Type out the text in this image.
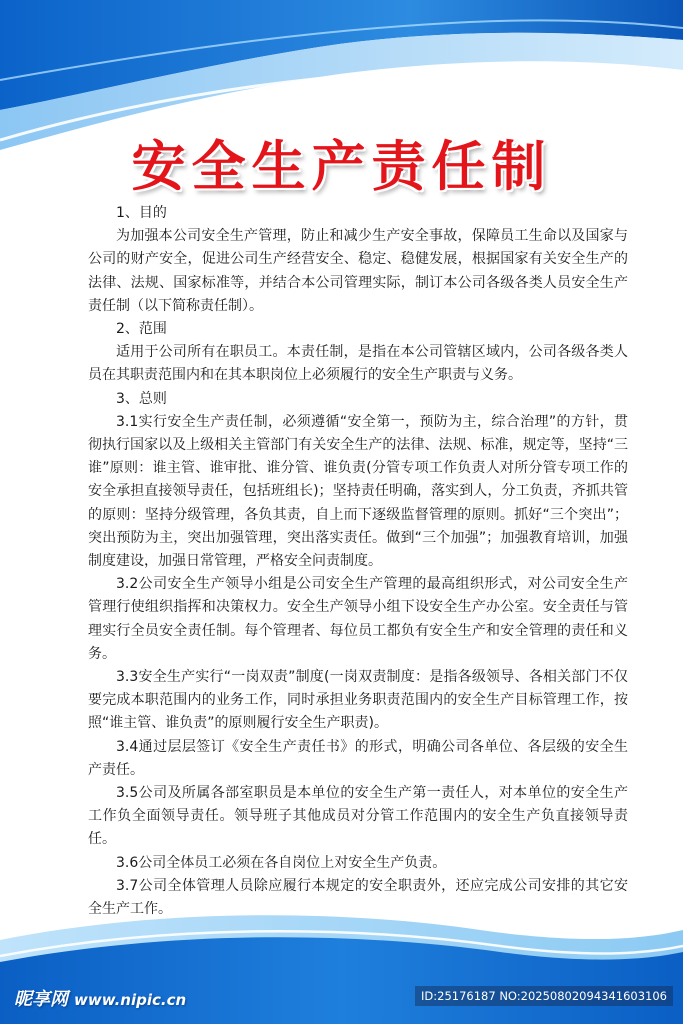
安全生产责任制

1、目的

为加强本公司安全生产管理，防止和减少生产安全事故，保障员工生命以及国家与公司的财产安全，促进公司生产经营安全、稳定、稳健发展，根据国家有关安全生产的法律、法规、国家标准等，并结合本公司管理实际，制订本公司各级各类人员安全生产责任制（以下简称责任制）。

2、范围

适用于公司所有在职员工。本责任制，是指在本公司管辖区域内，公司各级各类人员在其职责范围内和在其本职岗位上必须履行的安全生产职责与义务。

3、总则

3.1实行安全生产责任制，必须遵循“安全第一，预防为主，综合治理”的方针，贯彻执行国家以及上级相关主管部门有关安全生产的法律、法规、标准，规定等，坚持“三谁”原则：谁主管、谁审批、谁分管、谁负责(分管专项工作负责人对所分管专项工作的安全承担直接领导责任，包括班组长)；坚持责任明确，落实到人，分工负责，齐抓共管的原则：坚持分级管理，各负其责，自上而下逐级监督管理的原则。抓好“三个突出”；突出预防为主，突出加强管理，突出落实责任。做到“三个加强”；加强教育培训，加强制度建设，加强日常管理，严格安全问责制度。

3.2公司安全生产领导小组是公司安全生产管理的最高组织形式，对公司安全生产管理行使组织指挥和决策权力。安全生产领导小组下设安全生产办公室。安全责任与管理实行全员安全责任制。每个管理者、每位员工都负有安全生产和安全管理的责任和义务。

3.3安全生产实行“一岗双责”制度(一岗双责制度：是指各级领导、各相关部门不仅要完成本职范围内的业务工作，同时承担业务职责范围内的安全生产目标管理工作，按照“谁主管、谁负责”的原则履行安全生产职责)。

3.4通过层层签订《安全生产责任书》的形式，明确公司各单位、各层级的安全生产责任。

3.5公司及所属各部室职员是本单位的安全生产第一责任人，对本单位的安全生产工作负全面领导责任。领导班子其他成员对分管工作范围内的安全生产负直接领导责任。

3.6公司全体员工必须在各自岗位上对安全生产负责。

3.7公司全体管理人员除应履行本规定的安全职责外，还应完成公司安排的其它安全生产工作。

昵享网 www.nipic.cn	ID:25176187 NO:20250802094341603106
